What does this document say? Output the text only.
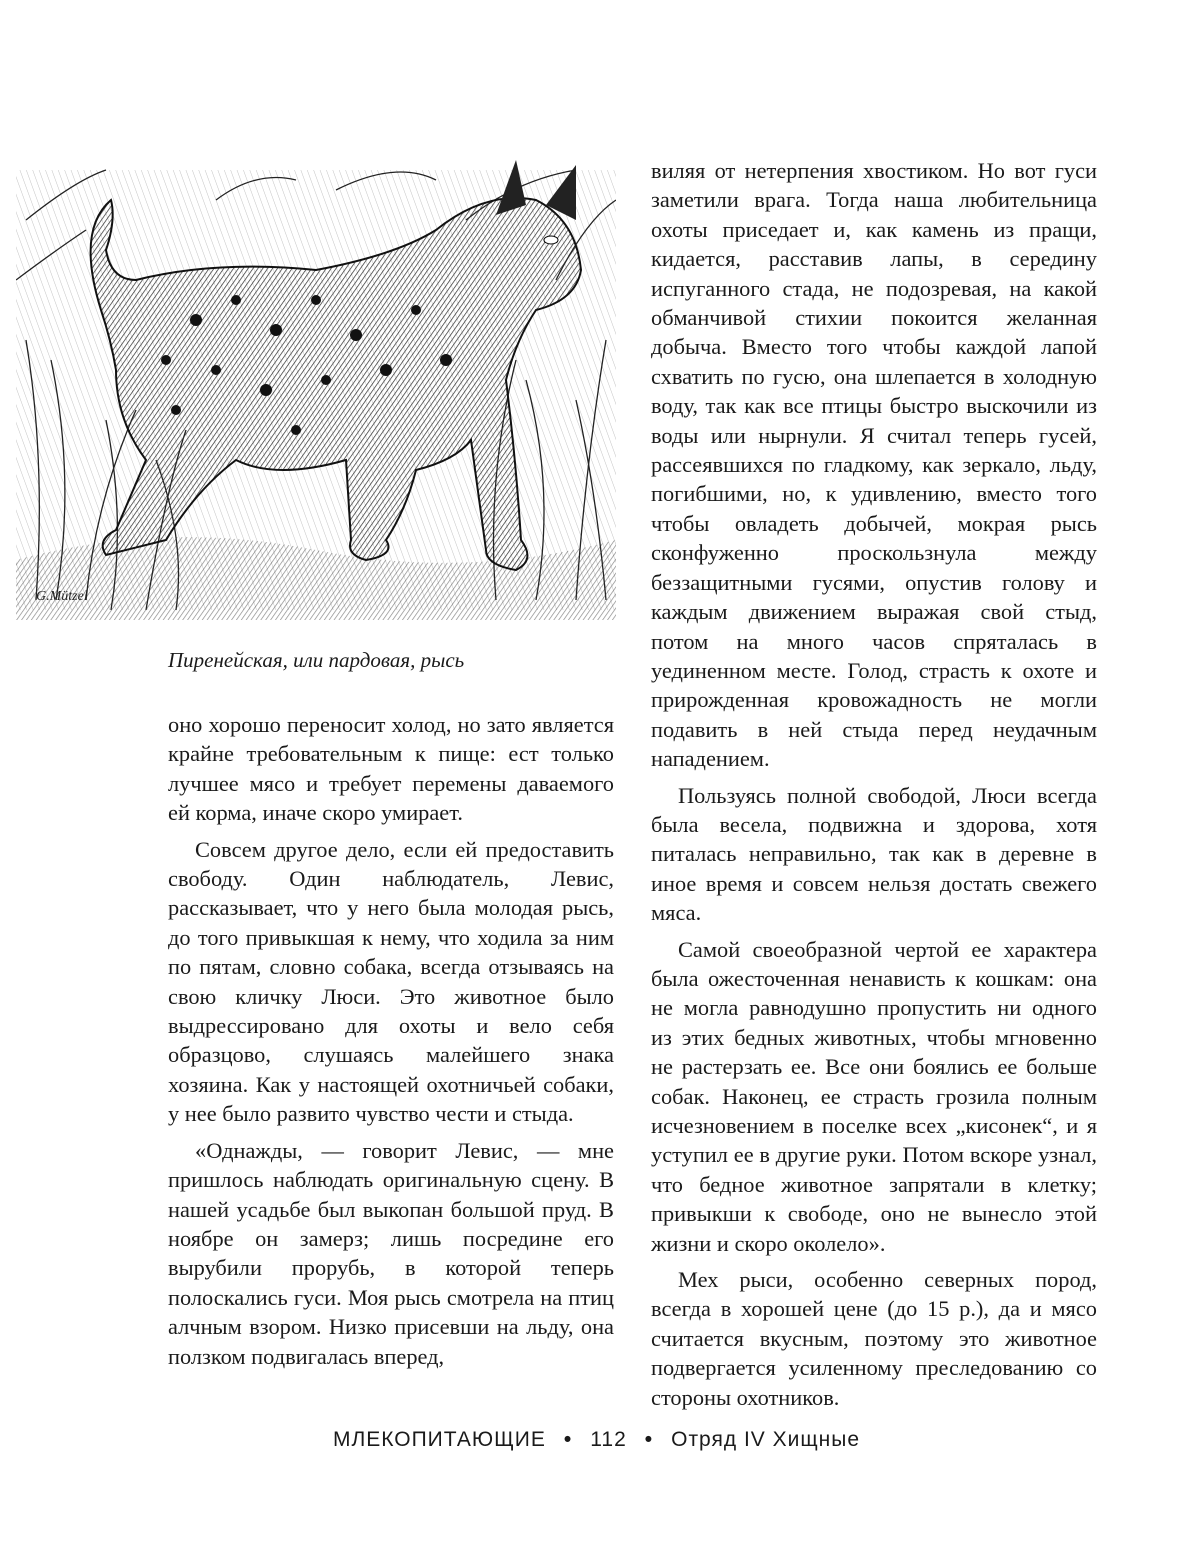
G.Mützel
Пиренейская, или пардовая, рысь

оно хорошо переносит холод, но зато является крайне требовательным к пище: ест только лучшее мясо и требует перемены даваемого ей корма, иначе скоро умирает.

Совсем другое дело, если ей предоставить свободу. Один наблюдатель, Левис, рассказывает, что у него была молодая рысь, до того привыкшая к нему, что ходила за ним по пятам, словно собака, всегда отзываясь на свою кличку Люси. Это животное было выдрессировано для охоты и вело себя образцово, слушаясь малейшего знака хозяина. Как у настоящей охотничьей собаки, у нее было развито чувство чести и стыда.

«Однажды, — говорит Левис, — мне пришлось наблюдать оригинальную сцену. В нашей усадьбе был выкопан большой пруд. В ноябре он замерз; лишь посредине его вырубили прорубь, в которой теперь полоскались гуси. Моя рысь смотрела на птиц алчным взором. Низко присевши на льду, она ползком подвигалась вперед,

виляя от нетерпения хвостиком. Но вот гуси заметили врага. Тогда наша любительница охоты приседает и, как камень из пращи, кидается, расставив лапы, в середину испуганного стада, не подозревая, на какой обманчивой стихии покоится желанная добыча. Вместо того чтобы каждой лапой схватить по гусю, она шлепается в холодную воду, так как все птицы быстро выскочили из воды или нырнули. Я считал теперь гусей, рассеявшихся по гладкому, как зеркало, льду, погибшими, но, к удивлению, вместо того чтобы овладеть добычей, мокрая рысь сконфуженно проскользнула между беззащитными гусями, опустив голову и каждым движением выражая свой стыд, потом на много часов спряталась в уединенном месте. Голод, страсть к охоте и прирожденная кровожадность не могли подавить в ней стыда перед неудачным нападением.

Пользуясь полной свободой, Люси всегда была весела, подвижна и здорова, хотя питалась неправильно, так как в деревне в иное время и совсем нельзя достать свежего мяса.

Самой своеобразной чертой ее характера была ожесточенная ненависть к кошкам: она не могла равнодушно пропустить ни одного из этих бедных животных, чтобы мгновенно не растерзать ее. Все они боялись ее больше собак. Наконец, ее страсть грозила полным исчезновением в поселке всех „кисонек“, и я уступил ее в другие руки. Потом вскоре узнал, что бедное животное запрятали в клетку; привыкши к свободе, оно не вынесло этой жизни и скоро околело».

Мех рыси, особенно северных пород, всегда в хорошей цене (до 15 р.), да и мясо считается вкусным, поэтому это животное подвергается усиленному преследованию со стороны охотников.

МЛЕКОПИТАЮЩИЕ • 112 • Отряд IV Хищные
